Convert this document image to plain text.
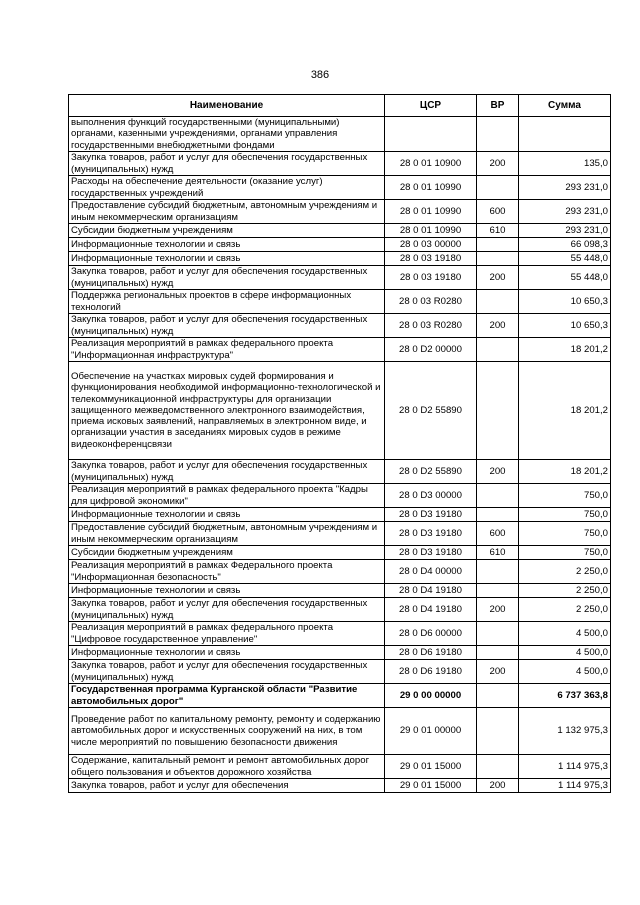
386
Наименование	ЦСР	ВР	Сумма
выполнения функций государственными (муниципальными) органами, казенными учреждениями, органами управления государственными внебюджетными фондами			
Закупка товаров, работ и услуг для обеспечения государственных (муниципальных) нужд	28 0 01 10900	200	135,0
Расходы на обеспечение деятельности (оказание услуг) государственных учреждений	28 0 01 10990		293 231,0
Предоставление субсидий бюджетным, автономным учреждениям и иным некоммерческим организациям	28 0 01 10990	600	293 231,0
Субсидии бюджетным учреждениям	28 0 01 10990	610	293 231,0
Информационные технологии и связь	28 0 03 00000		66 098,3
Информационные технологии и связь	28 0 03 19180		55 448,0
Закупка товаров, работ и услуг для обеспечения государственных (муниципальных) нужд	28 0 03 19180	200	55 448,0
Поддержка региональных проектов в сфере информационных технологий	28 0 03 R0280		10 650,3
Закупка товаров, работ и услуг для обеспечения государственных (муниципальных) нужд	28 0 03 R0280	200	10 650,3
Реализация мероприятий в рамках федерального проекта "Информационная инфраструктура"	28 0 D2 00000		18 201,2
Обеспечение на участках мировых судей формирования и функционирования необходимой информационно-технологической и телекоммуникационной инфраструктуры для организации защищенного межведомственного электронного взаимодействия, приема исковых заявлений, направляемых в электронном виде, и организации участия в заседаниях мировых судов в режиме видеоконференцсвязи	28 0 D2 55890		18 201,2
Закупка товаров, работ и услуг для обеспечения государственных (муниципальных) нужд	28 0 D2 55890	200	18 201,2
Реализация мероприятий в рамках федерального проекта "Кадры для цифровой экономики"	28 0 D3 00000		750,0
Информационные технологии и связь	28 0 D3 19180		750,0
Предоставление субсидий бюджетным, автономным учреждениям и иным некоммерческим организациям	28 0 D3 19180	600	750,0
Субсидии бюджетным учреждениям	28 0 D3 19180	610	750,0
Реализация мероприятий в рамках Федерального проекта "Информационная безопасность"	28 0 D4 00000		2 250,0
Информационные технологии и связь	28 0 D4 19180		2 250,0
Закупка товаров, работ и услуг для обеспечения государственных (муниципальных) нужд	28 0 D4 19180	200	2 250,0
Реализация мероприятий в рамках федерального проекта "Цифровое государственное управление"	28 0 D6 00000		4 500,0
Информационные технологии и связь	28 0 D6 19180		4 500,0
Закупка товаров, работ и услуг для обеспечения государственных (муниципальных) нужд	28 0 D6 19180	200	4 500,0
Государственная программа Курганской области "Развитие автомобильных дорог"	29 0 00 00000		6 737 363,8
Проведение работ по капитальному ремонту, ремонту и содержанию автомобильных дорог и искусственных сооружений на них, в том числе мероприятий по повышению безопасности движения	29 0 01 00000		1 132 975,3
Содержание, капитальный ремонт и ремонт автомобильных дорог общего пользования и объектов дорожного хозяйства	29 0 01 15000		1 114 975,3
Закупка товаров, работ и услуг для обеспечения	29 0 01 15000	200	1 114 975,3
